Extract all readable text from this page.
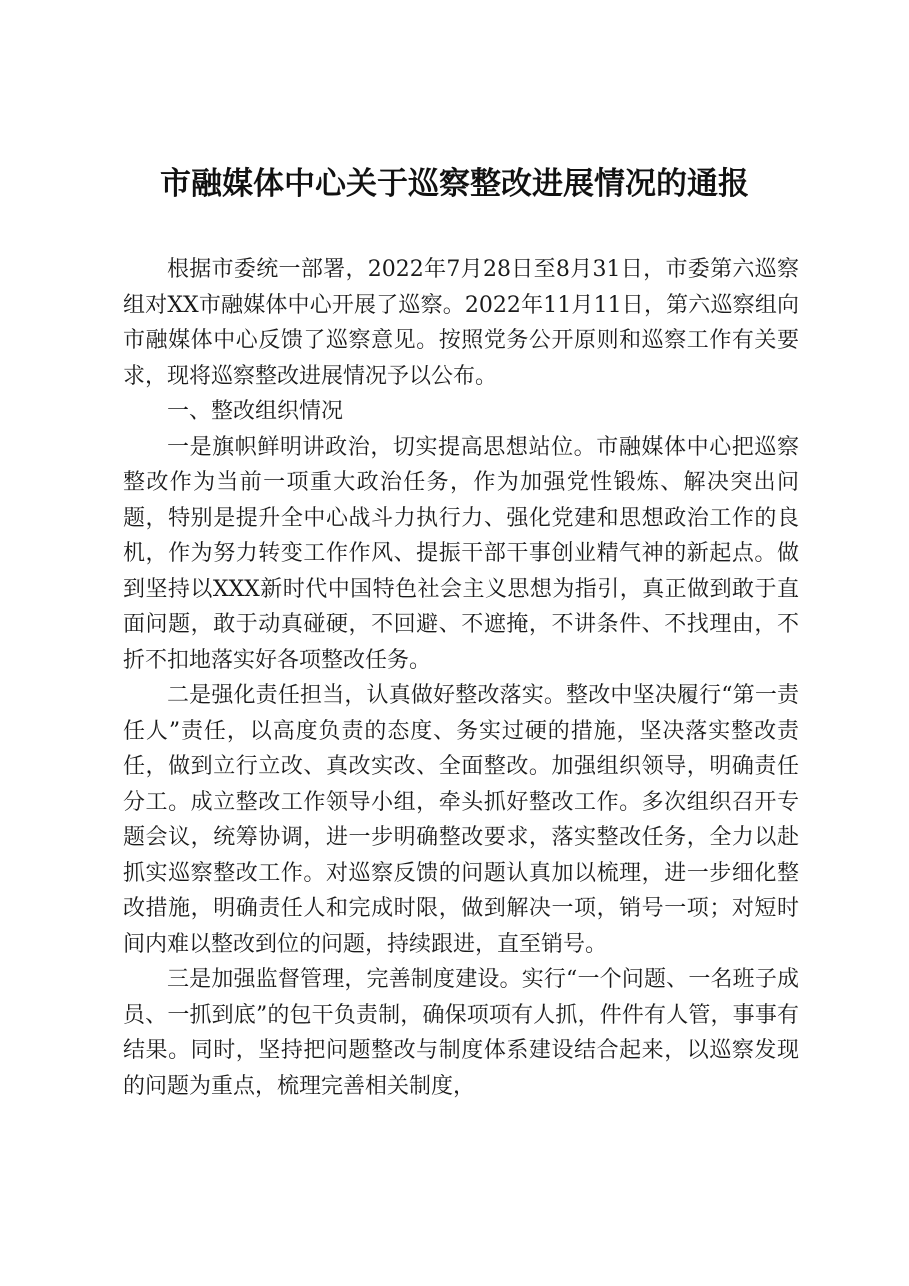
市融媒体中心关于巡察整改进展情况的通报

根据市委统一部署，2022年7月28日至8月31日，市委第六巡察组对XX市融媒体中心开展了巡察。2022年11月11日，第六巡察组向市融媒体中心反馈了巡察意见。按照党务公开原则和巡察工作有关要求，现将巡察整改进展情况予以公布。

一、整改组织情况

一是旗帜鲜明讲政治，切实提高思想站位。市融媒体中心把巡察整改作为当前一项重大政治任务，作为加强党性锻炼、解决突出问题，特别是提升全中心战斗力执行力、强化党建和思想政治工作的良机，作为努力转变工作作风、提振干部干事创业精气神的新起点。做到坚持以XXX新时代中国特色社会主义思想为指引，真正做到敢于直面问题，敢于动真碰硬，不回避、不遮掩，不讲条件、不找理由，不折不扣地落实好各项整改任务。

二是强化责任担当，认真做好整改落实。整改中坚决履行“第一责任人”责任，以高度负责的态度、务实过硬的措施，坚决落实整改责任，做到立行立改、真改实改、全面整改。加强组织领导，明确责任分工。成立整改工作领导小组，牵头抓好整改工作。多次组织召开专题会议，统筹协调，进一步明确整改要求，落实整改任务，全力以赴抓实巡察整改工作。对巡察反馈的问题认真加以梳理，进一步细化整改措施，明确责任人和完成时限，做到解决一项，销号一项；对短时间内难以整改到位的问题，持续跟进，直至销号。

三是加强监督管理，完善制度建设。实行“一个问题、一名班子成员、一抓到底”的包干负责制，确保项项有人抓，件件有人管，事事有结果。同时，坚持把问题整改与制度体系建设结合起来，以巡察发现的问题为重点，梳理完善相关制度，
